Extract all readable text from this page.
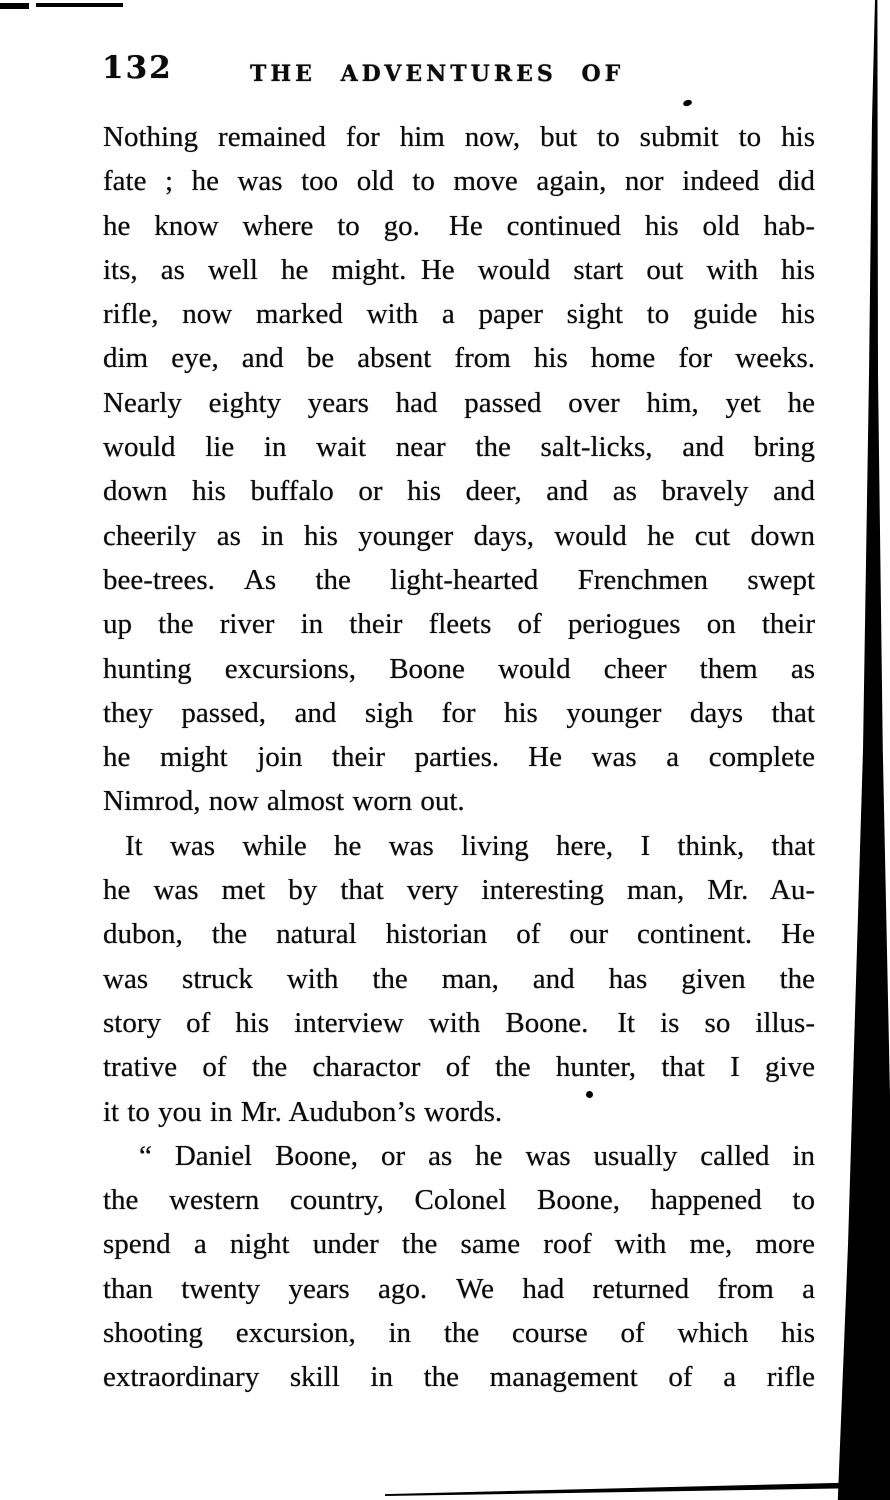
132	THE ADVENTURES OF
Nothing remained for him now, but to submit to his
fate ; he was too old to move again, nor indeed did
he know where to go. He continued his old hab-
its, as well he might. He would start out with his
rifle, now marked with a paper sight to guide his
dim eye, and be absent from his home for weeks.
Nearly eighty years had passed over him, yet he
would lie in wait near the salt-licks, and bring
down his buffalo or his deer, and as bravely and
cheerily as in his younger days, would he cut down
bee-trees. As the light-hearted Frenchmen swept
up the river in their fleets of periogues on their
hunting excursions, Boone would cheer them as
they passed, and sigh for his younger days that
he might join their parties. He was a complete
Nimrod, now almost worn out.
It was while he was living here, I think, that
he was met by that very interesting man, Mr. Au-
dubon, the natural historian of our continent. He
was struck with the man, and has given the
story of his interview with Boone. It is so illus-
trative of the charactor of the hunter, that I give
it to you in Mr. Audubon’s words.
“ Daniel Boone, or as he was usually called in
the western country, Colonel Boone, happened to
spend a night under the same roof with me, more
than twenty years ago. We had returned from a
shooting excursion, in the course of which his
extraordinary skill in the management of a rifle
